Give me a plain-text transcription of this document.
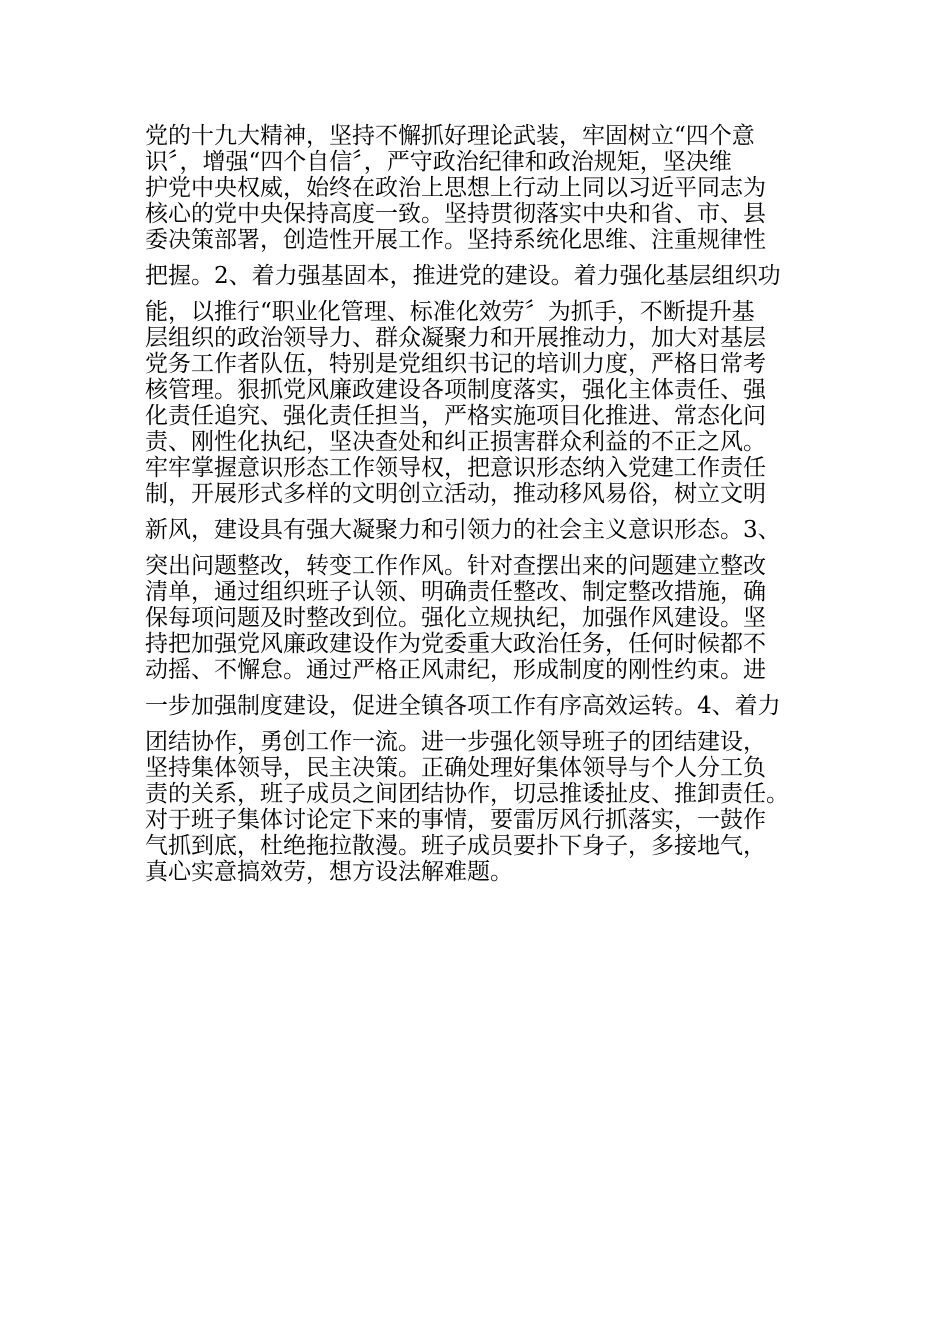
党的十九大精神，坚持不懈抓好理论武装，牢固树立“四个意
识〞，增强“四个自信〞，严守政治纪律和政治规矩，坚决维
护党中央权威，始终在政治上思想上行动上同以习近平同志为
核心的党中央保持高度一致。坚持贯彻落实中央和省、市、县
委决策部署，创造性开展工作。坚持系统化思维、注重规律性
把握。2、着力强基固本，推进党的建设。着力强化基层组织功
能，以推行“职业化管理、标准化效劳〞为抓手，不断提升基
层组织的政治领导力、群众凝聚力和开展推动力，加大对基层
党务工作者队伍，特别是党组织书记的培训力度，严格日常考
核管理。狠抓党风廉政建设各项制度落实，强化主体责任、强
化责任追究、强化责任担当，严格实施项目化推进、常态化问
责、刚性化执纪，坚决查处和纠正损害群众利益的不正之风。
牢牢掌握意识形态工作领导权，把意识形态纳入党建工作责任
制，开展形式多样的文明创立活动，推动移风易俗，树立文明
新风，建设具有强大凝聚力和引领力的社会主义意识形态。3、
突出问题整改，转变工作作风。针对查摆出来的问题建立整改
清单，通过组织班子认领、明确责任整改、制定整改措施，确
保每项问题及时整改到位。强化立规执纪，加强作风建设。坚
持把加强党风廉政建设作为党委重大政治任务，任何时候都不
动摇、不懈怠。通过严格正风肃纪，形成制度的刚性约束。进
一步加强制度建设，促进全镇各项工作有序高效运转。4、着力
团结协作，勇创工作一流。进一步强化领导班子的团结建设，
坚持集体领导，民主决策。正确处理好集体领导与个人分工负
责的关系，班子成员之间团结协作，切忌推诿扯皮、推卸责任。
对于班子集体讨论定下来的事情，要雷厉风行抓落实，一鼓作
气抓到底，杜绝拖拉散漫。班子成员要扑下身子，多接地气，
真心实意搞效劳，想方设法解难题。
